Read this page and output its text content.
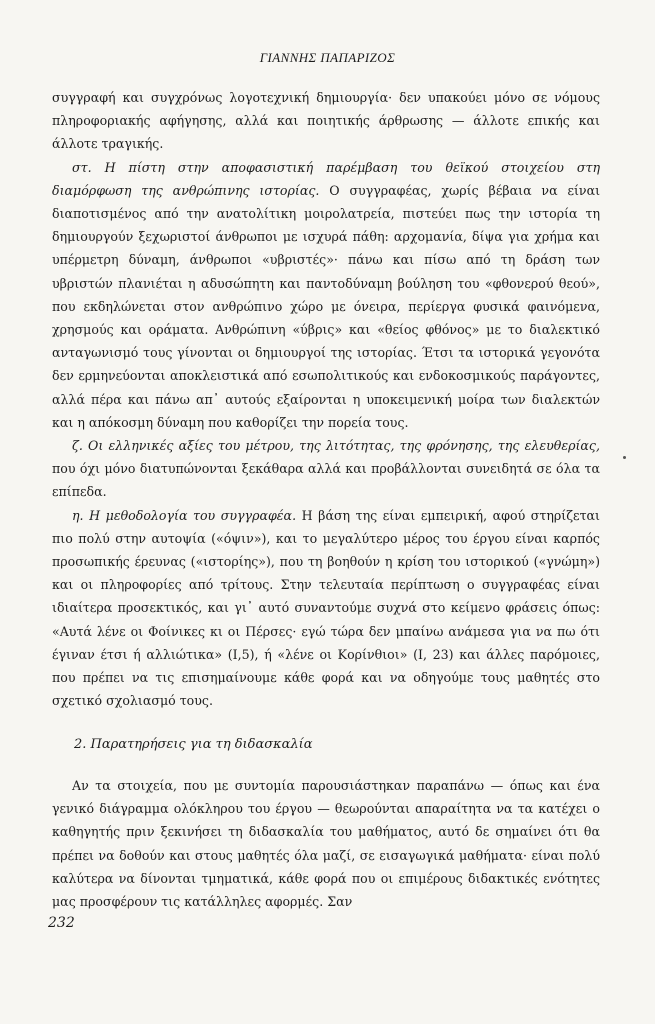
ΓΙΑΝΝΗΣ ΠΑΠΑΡΙΖΟΣ

συγγραφή και συγχρόνως λογοτεχνική δημιουργία· δεν υπακούει μόνο σε νόμους πληροφοριακής αφήγησης, αλλά και ποιητικής άρθρωσης — άλλοτε επικής και άλλοτε τραγικής.

στ. Η πίστη στην αποφασιστική παρέμβαση του θεϊκού στοιχείου στη διαμόρφωση της ανθρώπινης ιστορίας. Ο συγγραφέας, χωρίς βέβαια να είναι διαποτισμένος από την ανατολίτικη μοιρολατρεία, πιστεύει πως την ιστορία τη δημιουργούν ξεχωριστοί άνθρωποι με ισχυρά πάθη: αρχομανία, δίψα για χρήμα και υπέρμετρη δύναμη, άνθρωποι «υβριστές»· πάνω και πίσω από τη δράση των υβριστών πλανιέται η αδυσώπητη και παντοδύναμη βούληση του «φθονερού θεού», που εκδηλώνεται στον ανθρώπινο χώρο με όνειρα, περίεργα φυσικά φαινόμενα, χρησμούς και οράματα. Ανθρώπινη «ύβρις» και «θείος φθόνος» με το διαλεκτικό ανταγωνισμό τους γίνονται οι δημιουργοί της ιστορίας. Έτσι τα ιστορικά γεγονότα δεν ερμηνεύονται αποκλειστικά από εσωπολιτικούς και ενδοκοσμικούς παράγοντες, αλλά πέρα και πάνω απ᾽ αυτούς εξαίρονται η υποκειμενική μοίρα των διαλεκτών και η απόκοσμη δύναμη που καθορίζει την πορεία τους.

ζ. Οι ελληνικές αξίες του μέτρου, της λιτότητας, της φρόνησης, της ελευθερίας, που όχι μόνο διατυπώνονται ξεκάθαρα αλλά και προβάλλονται συνειδητά σε όλα τα επίπεδα.

η. Η μεθοδολογία του συγγραφέα. Η βάση της είναι εμπειρική, αφού στηρίζεται πιο πολύ στην αυτοψία («όψιν»), και το μεγαλύτερο μέρος του έργου είναι καρπός προσωπικής έρευνας («ιστορίης»), που τη βοηθούν η κρίση του ιστορικού («γνώμη») και οι πληροφορίες από τρίτους. Στην τελευταία περίπτωση ο συγγραφέας είναι ιδιαίτερα προσεκτικός, και γι᾽ αυτό συναντούμε συχνά στο κείμενο φράσεις όπως: «Αυτά λένε οι Φοίνικες κι οι Πέρσες· εγώ τώρα δεν μπαίνω ανάμεσα για να πω ότι έγιναν έτσι ή αλλιώτικα» (Ι,5), ή «λένε οι Κορίνθιοι» (Ι, 23) και άλλες παρόμοιες, που πρέπει να τις επισημαίνουμε κάθε φορά και να οδηγούμε τους μαθητές στο σχετικό σχολιασμό τους.

2. Παρατηρήσεις για τη διδασκαλία

Αν τα στοιχεία, που με συντομία παρουσιάστηκαν παραπάνω — όπως και ένα γενικό διάγραμμα ολόκληρου του έργου — θεωρούνται απαραίτητα να τα κατέχει ο καθηγητής πριν ξεκινήσει τη διδασκαλία του μαθήματος, αυτό δε σημαίνει ότι θα πρέπει να δοθούν και στους μαθητές όλα μαζί, σε εισαγωγικά μαθήματα· είναι πολύ καλύτερα να δίνονται τμηματικά, κάθε φορά που οι επιμέρους διδακτικές ενότητες μας προσφέρουν τις κατάλληλες αφορμές. Σαν

232
